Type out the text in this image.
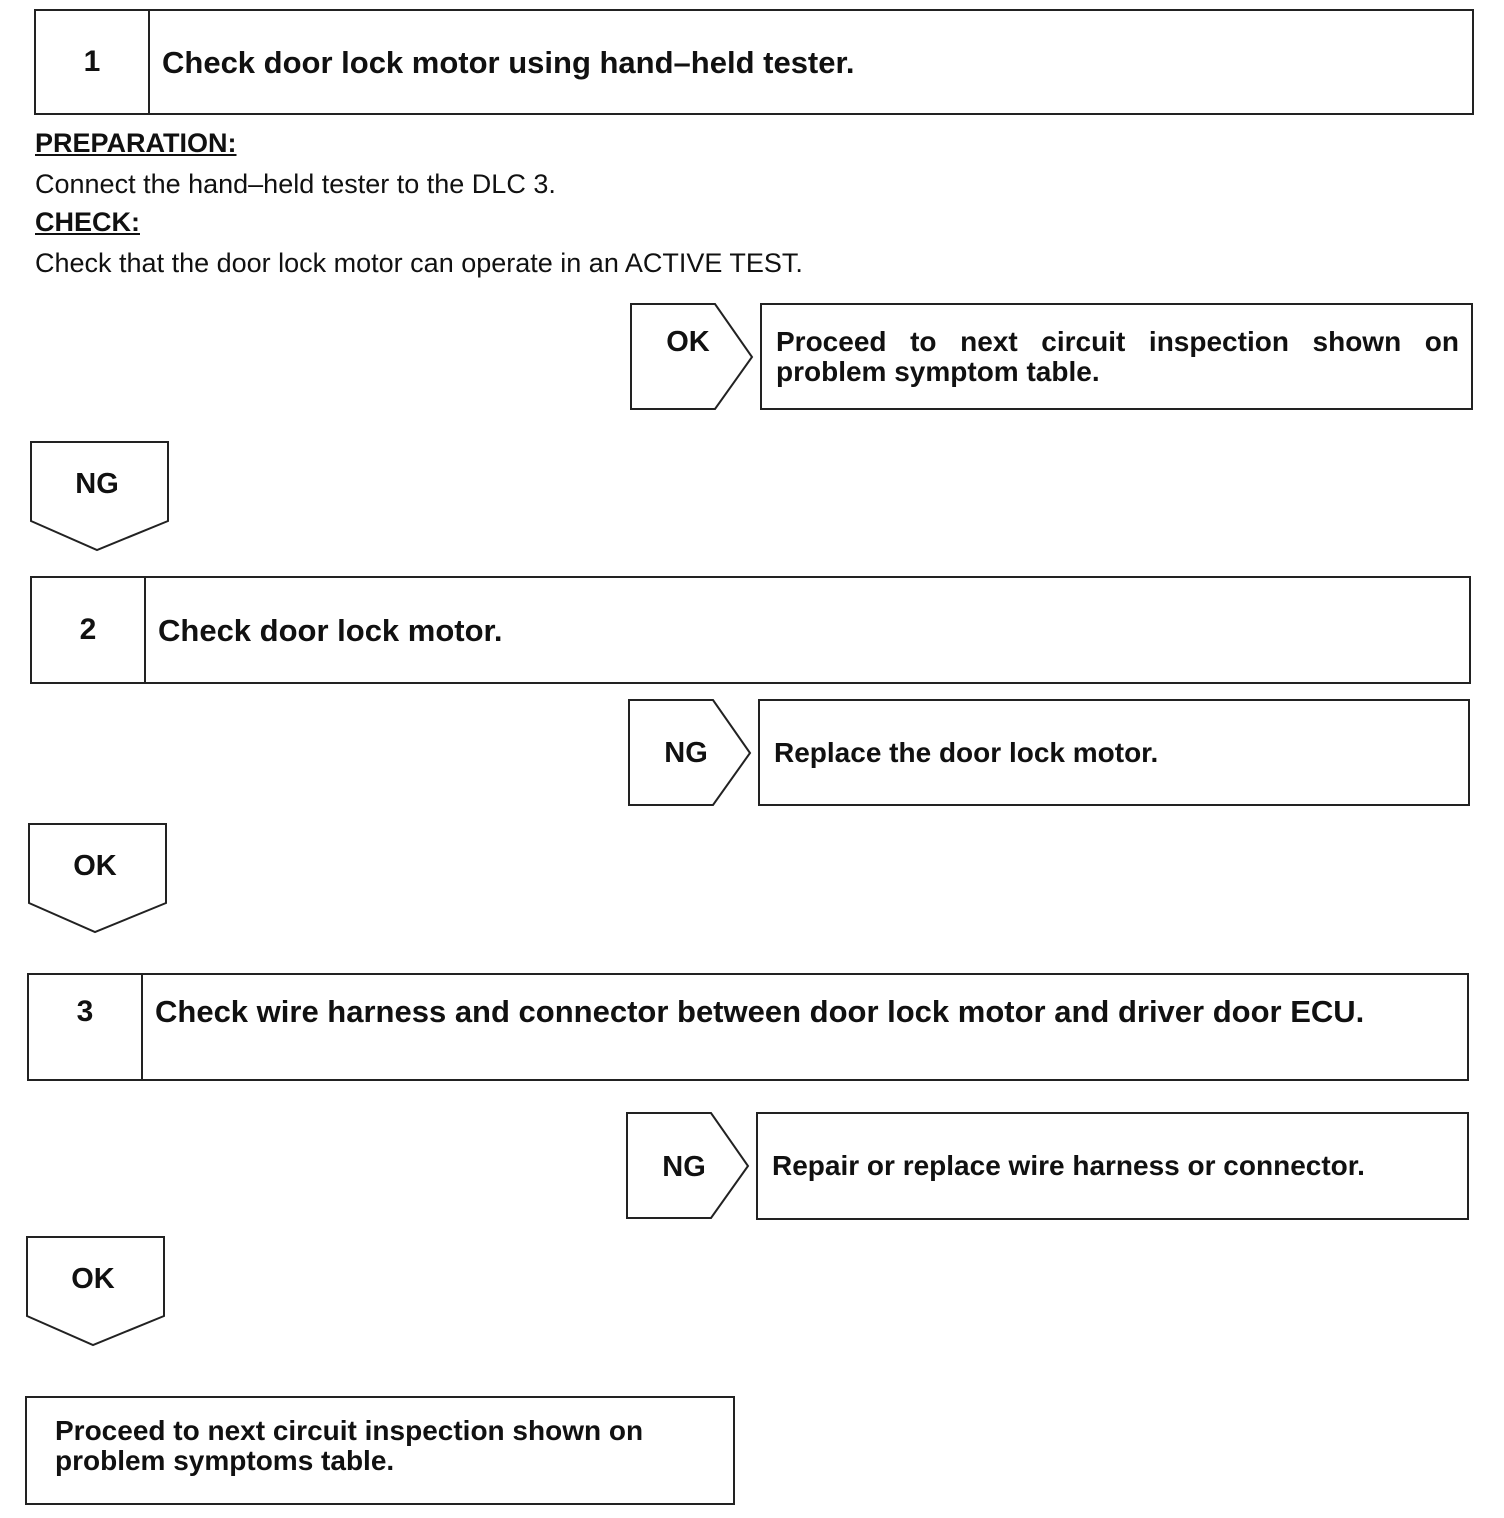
1	Check door lock motor using hand–held tester.
PREPARATION:
Connect the hand–held tester to the DLC 3.
CHECK:
Check that the door lock motor can operate in an ACTIVE TEST.
OK	Proceed to next circuit inspection shown on problem symptom table.
NG
2	Check door lock motor.
NG	Replace the door lock motor.
OK
3	Check wire harness and connector between door lock motor and driver door ECU.
NG	Repair or replace wire harness or connector.
OK
Proceed to next circuit inspection shown on problem symptoms table.
